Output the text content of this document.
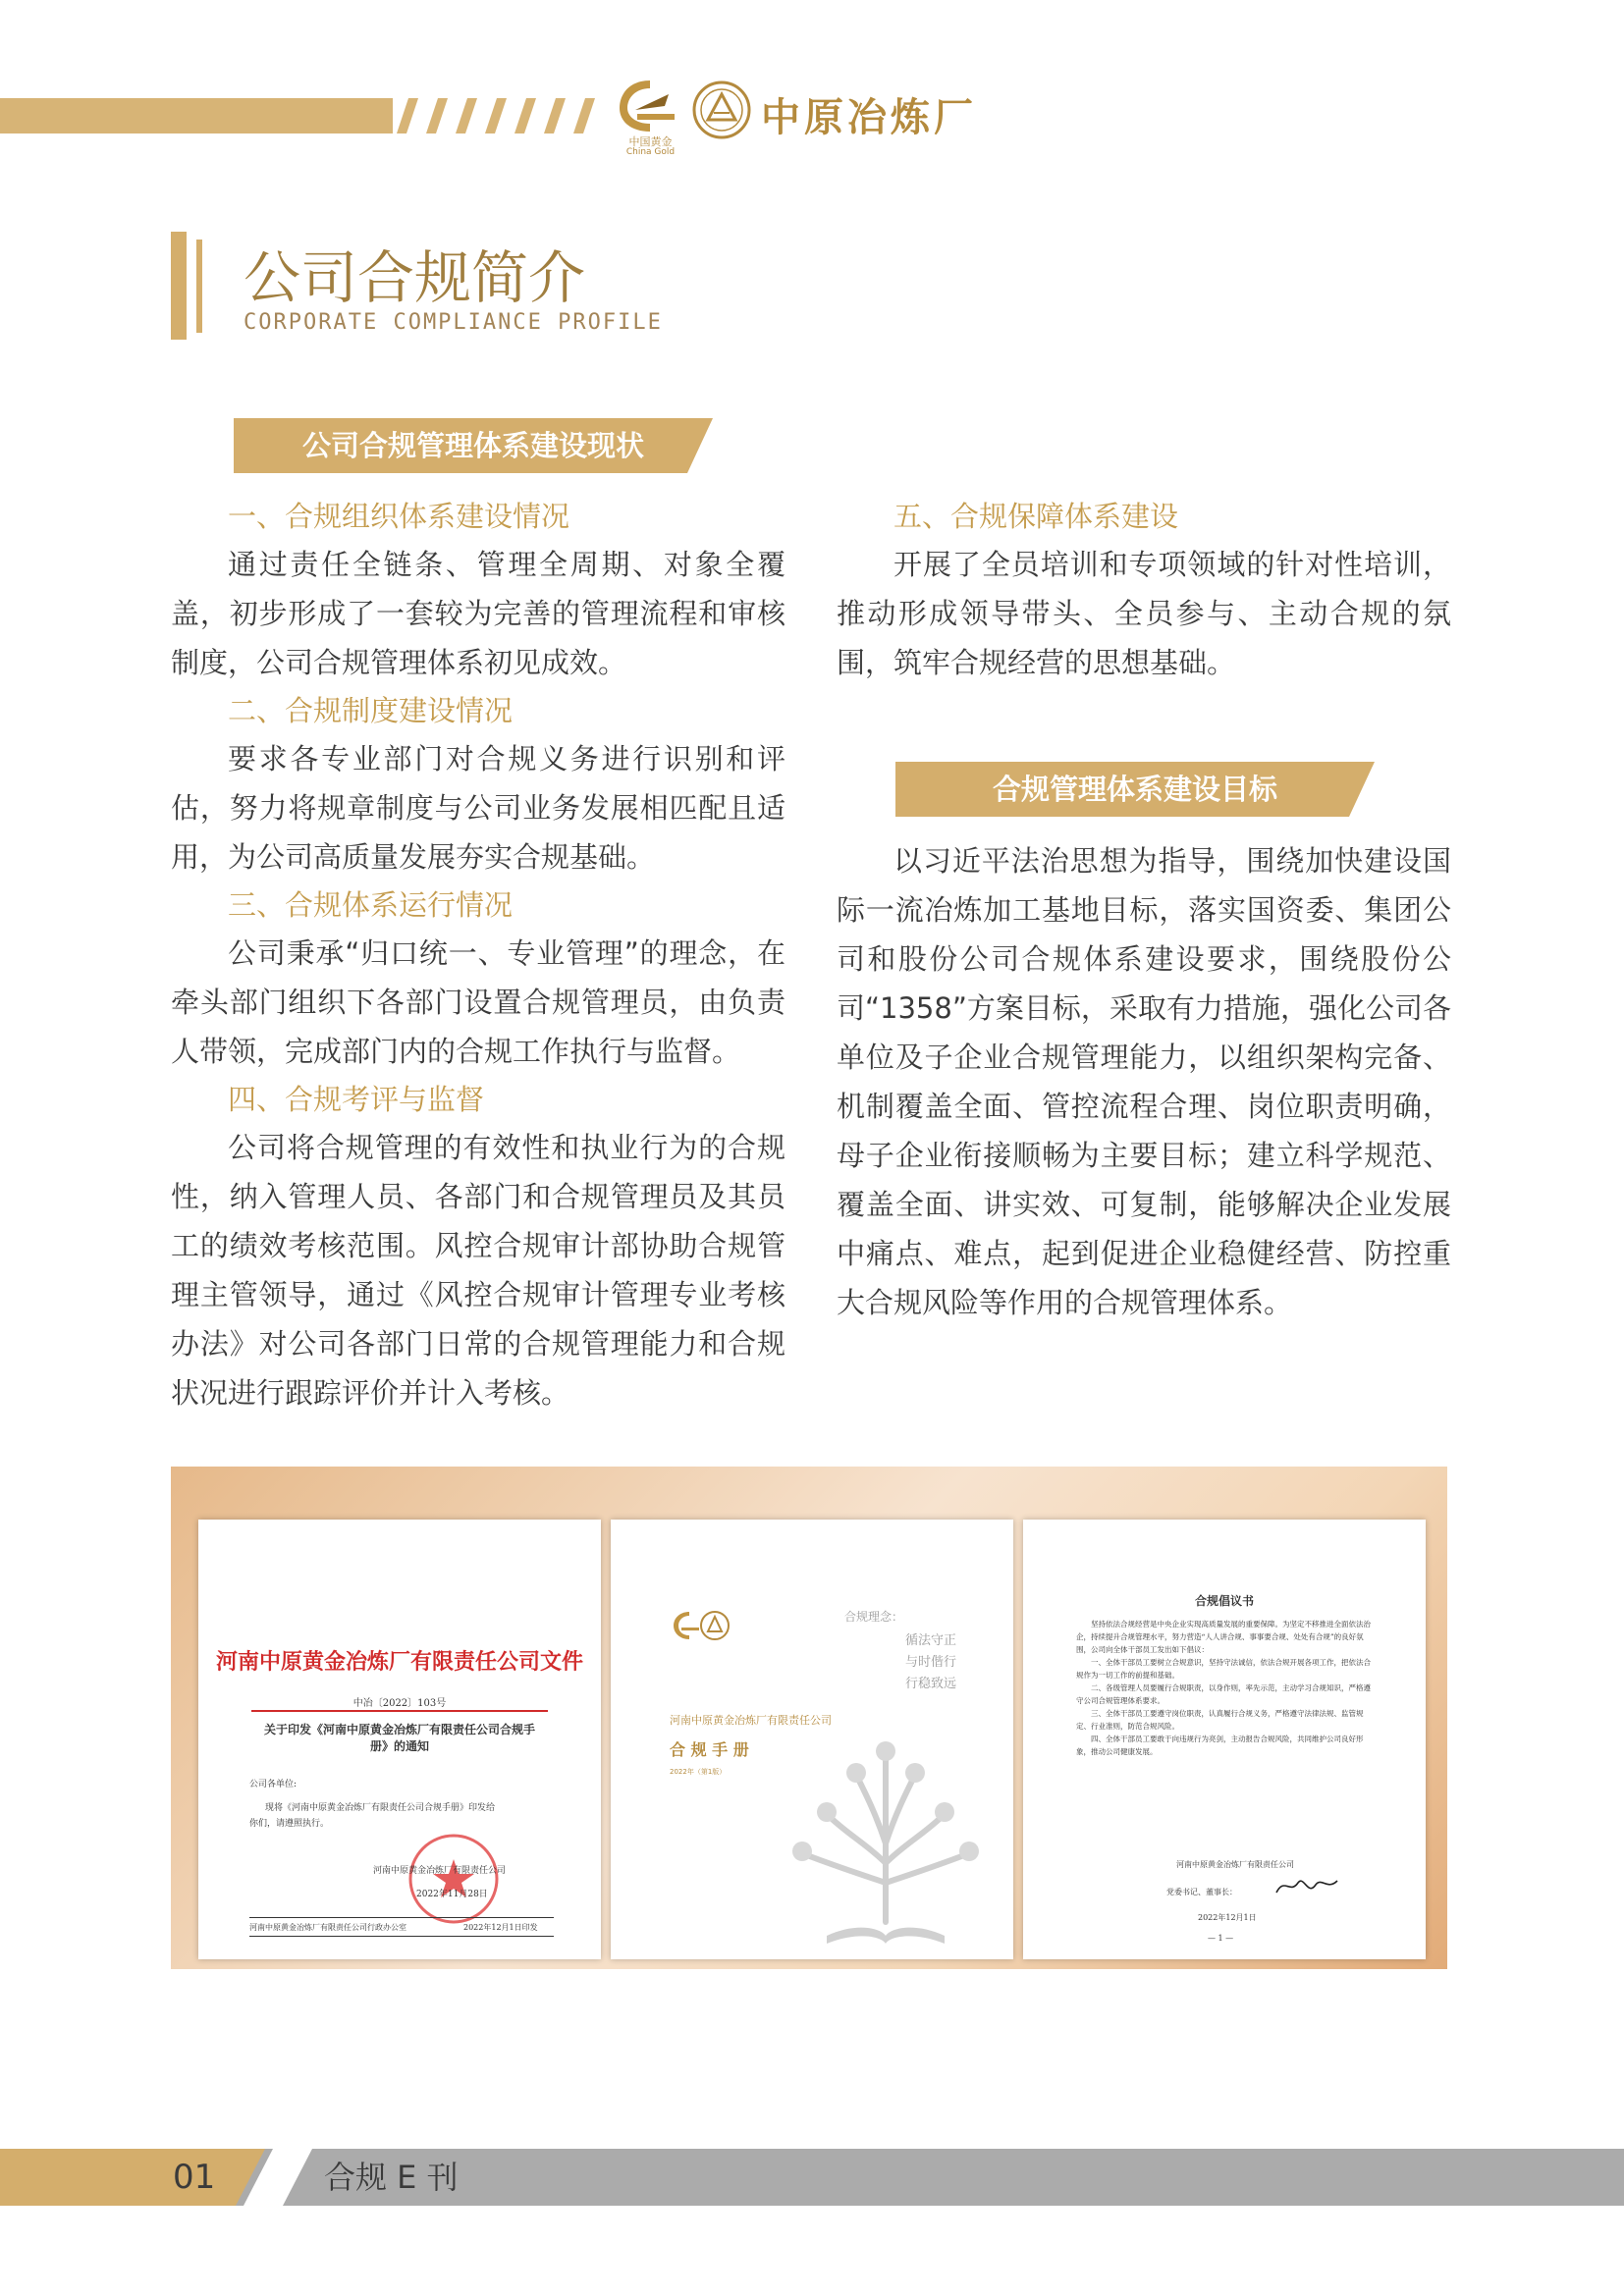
中国黄金
China Gold
中原冶炼厂
公司合规简介
CORPORATE COMPLIANCE PROFILE
公司合规管理体系建设现状
一、合规组织体系建设情况
通过责任全链条、管理全周期、对象全覆盖，初步形成了一套较为完善的管理流程和审核制度，公司合规管理体系初见成效。
二、合规制度建设情况
要求各专业部门对合规义务进行识别和评估，努力将规章制度与公司业务发展相匹配且适用，为公司高质量发展夯实合规基础。
三、合规体系运行情况
公司秉承“归口统一、专业管理”的理念，在牵头部门组织下各部门设置合规管理员，由负责人带领，完成部门内的合规工作执行与监督。
四、合规考评与监督
公司将合规管理的有效性和执业行为的合规性，纳入管理人员、各部门和合规管理员及其员工的绩效考核范围。风控合规审计部协助合规管理主管领导，通过《风控合规审计管理专业考核办法》对公司各部门日常的合规管理能力和合规状况进行跟踪评价并计入考核。
五、合规保障体系建设
开展了全员培训和专项领域的针对性培训，推动形成领导带头、全员参与、主动合规的氛围，筑牢合规经营的思想基础。
合规管理体系建设目标
以习近平法治思想为指导，围绕加快建设国际一流冶炼加工基地目标，落实国资委、集团公司和股份公司合规体系建设要求，围绕股份公司“1358”方案目标，采取有力措施，强化公司各单位及子企业合规管理能力，以组织架构完备、机制覆盖全面、管控流程合理、岗位职责明确，母子企业衔接顺畅为主要目标；建立科学规范、覆盖全面、讲实效、可复制，能够解决企业发展中痛点、难点，起到促进企业稳健经营、防控重大合规风险等作用的合规管理体系。
河南中原黄金冶炼厂有限责任公司文件
中冶〔2022〕103号
关于印发《河南中原黄金冶炼厂有限责任公司合规手册》的通知
公司各单位:
现将《河南中原黄金冶炼厂有限责任公司合规手册》印发给
你们，请遵照执行。
河南中原黄金冶炼厂有限责任公司
2022年11月28日
河南中原黄金冶炼厂有限责任公司行政办公室	2022年12月1日印发
合规理念：
循法守正
与时偕行
行稳致远
河南中原黄金冶炼厂有限责任公司
合 规 手 册
2022年（第1版）
合规倡议书
坚持依法合规经营是中央企业实现高质量发展的重要保障。为坚定不移推进全面依法治企，持续提升合规管理水平，努力营造“人人讲合规、事事要合规、处处有合规”的良好氛围，公司向全体干部员工发出如下倡议：
一、全体干部员工要树立合规意识，坚持守法诚信，依法合规开展各项工作，把依法合规作为一切工作的前提和基础。
二、各级管理人员要履行合规职责，以身作则，率先示范，主动学习合规知识，严格遵守公司合规管理体系要求。
三、全体干部员工要遵守岗位职责，认真履行合规义务，严格遵守法律法规、监管规定、行业准则，防范合规风险。
四、全体干部员工要敢于向违规行为亮剑，主动报告合规风险，共同维护公司良好形象，推动公司健康发展。
河南中原黄金冶炼厂有限责任公司
党委书记、董事长：
2022年12月1日
— 1 —
01	合规 E 刊
